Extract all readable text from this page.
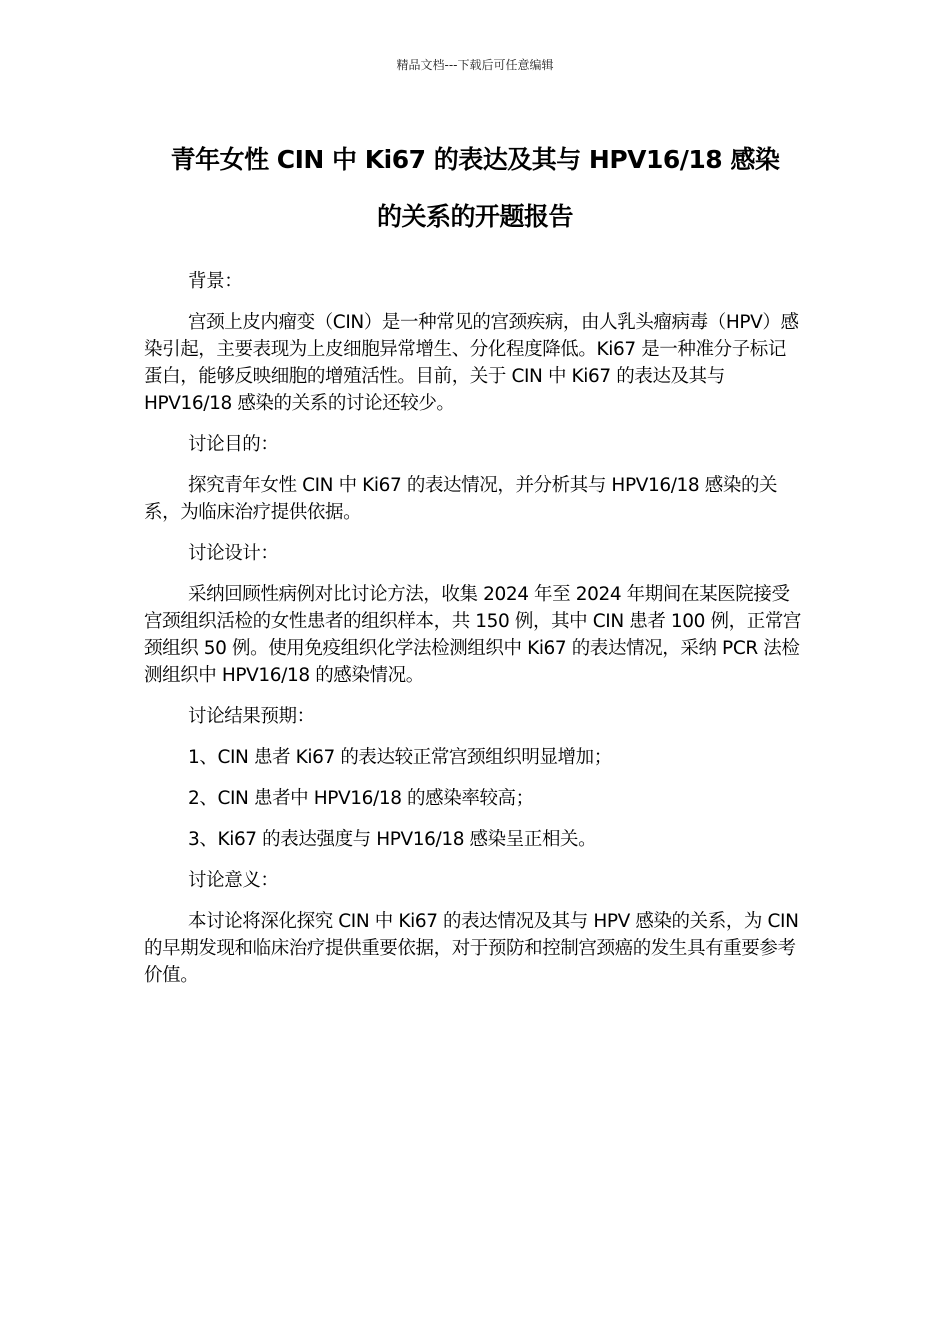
精品文档---下载后可任意编辑
青年女性 CIN 中 Ki67 的表达及其与 HPV16/18 感染
的关系的开题报告

背景：

宫颈上皮内瘤变（CIN）是一种常见的宫颈疾病，由人乳头瘤病毒（HPV）感染引起，主要表现为上皮细胞异常增生、分化程度降低。Ki67 是一种准分子标记蛋白，能够反映细胞的增殖活性。目前，关于 CIN 中 Ki67 的表达及其与 HPV16/18 感染的关系的讨论还较少。

讨论目的：

探究青年女性 CIN 中 Ki67 的表达情况，并分析其与 HPV16/18 感染的关系，为临床治疗提供依据。

讨论设计：

采纳回顾性病例对比讨论方法，收集 2024 年至 2024 年期间在某医院接受宫颈组织活检的女性患者的组织样本，共 150 例，其中 CIN 患者 100 例，正常宫颈组织 50 例。使用免疫组织化学法检测组织中 Ki67 的表达情况，采纳 PCR 法检测组织中 HPV16/18 的感染情况。

讨论结果预期：

1、CIN 患者 Ki67 的表达较正常宫颈组织明显增加；

2、CIN 患者中 HPV16/18 的感染率较高；

3、Ki67 的表达强度与 HPV16/18 感染呈正相关。

讨论意义：

本讨论将深化探究 CIN 中 Ki67 的表达情况及其与 HPV 感染的关系，为 CIN 的早期发现和临床治疗提供重要依据，对于预防和控制宫颈癌的发生具有重要参考价值。
